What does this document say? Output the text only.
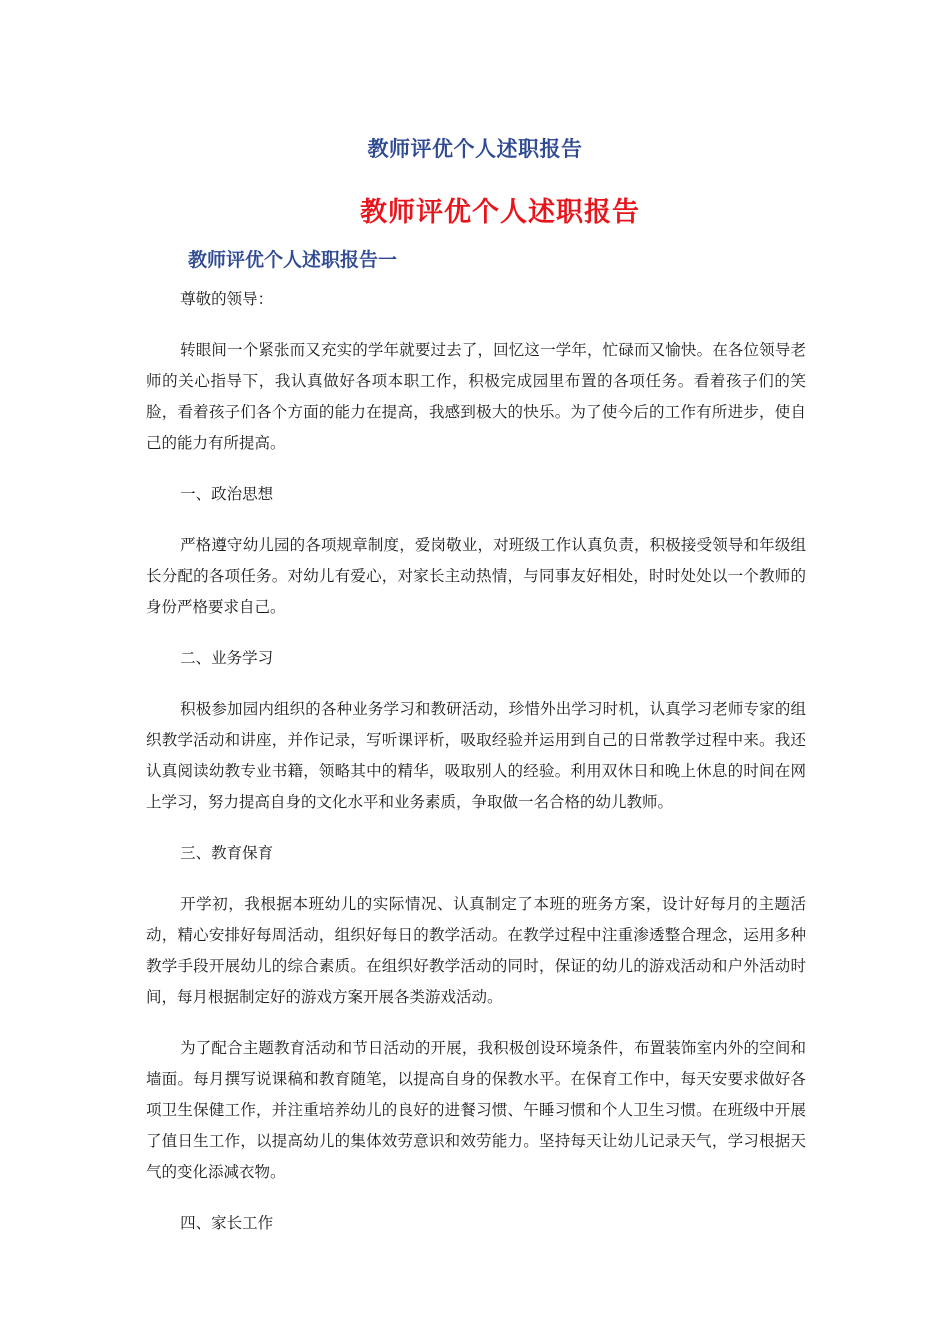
教师评优个人述职报告
教师评优个人述职报告
教师评优个人述职报告一

尊敬的领导：

转眼间一个紧张而又充实的学年就要过去了，回忆这一学年，忙碌而又愉快。在各位领导老师的关心指导下，我认真做好各项本职工作，积极完成园里布置的各项任务。看着孩子们的笑脸，看着孩子们各个方面的能力在提高，我感到极大的快乐。为了使今后的工作有所进步，使自己的能力有所提高。

一、政治思想

严格遵守幼儿园的各项规章制度，爱岗敬业，对班级工作认真负责，积极接受领导和年级组长分配的各项任务。对幼儿有爱心，对家长主动热情，与同事友好相处，时时处处以一个教师的身份严格要求自己。

二、业务学习

积极参加园内组织的各种业务学习和教研活动，珍惜外出学习时机，认真学习老师专家的组织教学活动和讲座，并作记录，写听课评析，吸取经验并运用到自己的日常教学过程中来。我还认真阅读幼教专业书籍，领略其中的精华，吸取别人的经验。利用双休日和晚上休息的时间在网上学习，努力提高自身的文化水平和业务素质，争取做一名合格的幼儿教师。

三、教育保育

开学初，我根据本班幼儿的实际情况、认真制定了本班的班务方案，设计好每月的主题活动，精心安排好每周活动，组织好每日的教学活动。在教学过程中注重渗透整合理念，运用多种教学手段开展幼儿的综合素质。在组织好教学活动的同时，保证的幼儿的游戏活动和户外活动时间，每月根据制定好的游戏方案开展各类游戏活动。

为了配合主题教育活动和节日活动的开展，我积极创设环境条件，布置装饰室内外的空间和墙面。每月撰写说课稿和教育随笔，以提高自身的保教水平。在保育工作中，每天安要求做好各项卫生保健工作，并注重培养幼儿的良好的进餐习惯、午睡习惯和个人卫生习惯。在班级中开展了值日生工作，以提高幼儿的集体效劳意识和效劳能力。坚持每天让幼儿记录天气，学习根据天气的变化添减衣物。

四、家长工作
